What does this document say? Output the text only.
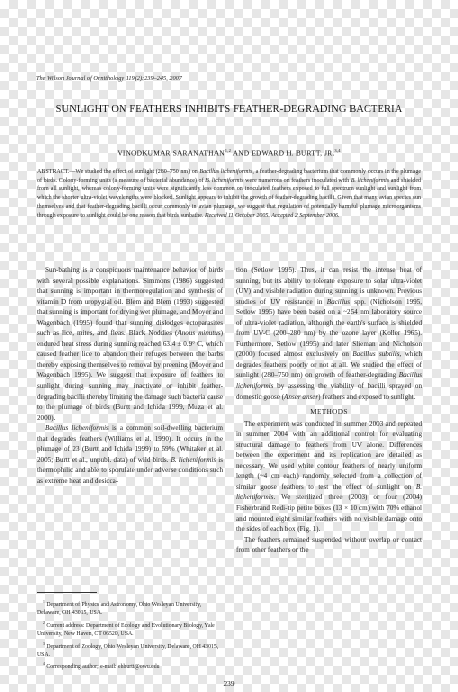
The Wilson Journal of Ornithology 119(2):239–245, 2007
SUNLIGHT ON FEATHERS INHIBITS FEATHER-DEGRADING BACTERIA
VINODKUMAR SARANATHAN$^{1,2}$ AND EDWARD H. BURTT, JR.$^{3,4}$
ABSTRACT.—We studied the effect of sunlight (280–750 nm) on Bacillus licheniformis, a feather-degrading bacterium that commonly occurs in the plumage of birds. Colony-forming units (a measure of bacterial abundance) of B. licheniformis were numerous on feathers inoculated with B. licheniformis and shielded from all sunlight, whereas colony-forming units were significantly less common on inoculated feathers exposed to full spectrum sunlight and sunlight from which the shorter ultra-violet wavelengths were blocked. Sunlight appears to inhibit the growth of feather-degrading bacilli. Given that many avian species sun themselves and that feather-degrading bacilli occur commonly in avian plumage, we suggest that regulation of potentially harmful plumage microorganisms through exposure to sunlight could be one reason that birds sunbathe. Received 11 October 2005. Accepted 2 September 2006.

Sun-bathing is a conspicuous maintenance behavior of birds with several possible explanations. Simmons (1986) suggested that sunning is important in thermoregulation and synthesis of vitamin D from uropygial oil. Blem and Blem (1993) suggested that sunning is important for drying wet plumage, and Moyer and Wagenbach (1995) found that sunning dislodges ectoparasites such as lice, mites, and fleas. Black Noddies (Anous minutus) endured heat stress during sunning reached 63.4 ± 0.9° C, which caused feather lice to abandon their refuges between the barbs thereby exposing themselves to removal by preening (Moyer and Wagenbach 1995). We suggest that exposure of feathers to sunlight during sunning may inactivate or inhibit feather-degrading bacilli thereby limiting the damage such bacteria cause to the plumage of birds (Burtt and Ichida 1999, Muza et al. 2000).

Bacillus licheniformis is a common soil-dwelling bacterium that degrades feathers (Williams et al. 1990). It occurs in the plumage of 23 (Burtt and Ichida 1999) to 59% (Whitaker et al. 2005; Burtt et al., unpubl. data) of wild birds. B. licheniformis is thermophilic and able to sporulate under adverse conditions such as extreme heat and desicca-

tion (Setlow 1995). Thus, it can resist the intense heat of sunning, but its ability to tolerate exposure to solar ultra-violet (UV) and visible radiation during sunning is unknown. Previous studies of UV resistance in Bacillus spp. (Nicholson 1995, Setlow 1995) have been based on a ~254 nm laboratory source of ultra-violet radiation, although the earth's surface is shielded from UV-C (200–280 nm) by the ozone layer (Koller 1965). Furthermore, Setlow (1995) and later Slieman and Nicholson (2000) focused almost exclusively on Bacillus subtilis, which degrades feathers poorly or not at all. We studied the effect of sunlight (280–750 nm) on growth of feather-degrading Bacillus licheniformis by assessing the viability of bacilli sprayed on domestic goose (Anser anser) feathers and exposed to sunlight.

METHODS

The experiment was conducted in summer 2003 and repeated in summer 2004 with an additional control for evaluating structural damage to feathers from UV alone. Differences between the experiment and its replication are detailed as necessary. We used white contour feathers of nearly uniform length (~4 cm each) randomly selected from a collection of similar goose feathers to test the effect of sunlight on B. licheniformis. We sterilized three (2003) or four (2004) Fisherbrand Redi-tip petite boxes (13 × 10 cm) with 70% ethanol and mounted eight similar feathers with no visible damage onto the sides of each box (Fig. 1).

The feathers remained suspended without overlap or contact from other feathers or the

$^1$ Department of Physics and Astronomy, Ohio Wesleyan University, Delaware, OH 43015, USA.

$^2$ Current address: Department of Ecology and Evolutionary Biology, Yale University, New Haven, CT 06520, USA.

$^3$ Department of Zoology, Ohio Wesleyan University, Delaware, OH 43015, USA.

$^4$ Corresponding author; e-mail: ehburtt@owu.edu

239
